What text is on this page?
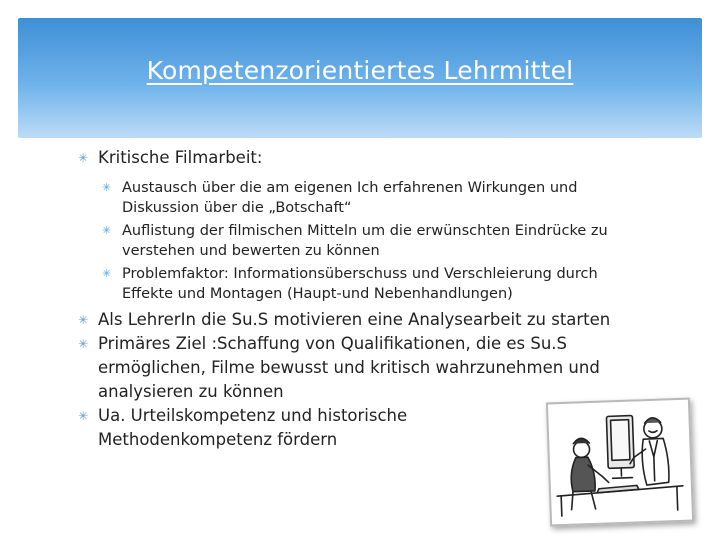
Kompetenzorientiertes Lehrmittel
✳ Kritische Filmarbeit:
✳ Austausch über die am eigenen Ich erfahrenen Wirkungen und Diskussion über die „Botschaft“
✳ Auflistung der filmischen Mitteln um die erwünschten Eindrücke zu verstehen und bewerten zu können
✳ Problemfaktor: Informationsüberschuss und Verschleierung durch Effekte und Montagen (Haupt-und Nebenhandlungen)
✳ Als LehrerIn die Su.S motivieren eine Analysearbeit zu starten
✳ Primäres Ziel :Schaffung von Qualifikationen, die es Su.S ermöglichen, Filme bewusst und kritisch wahrzunehmen und analysieren zu können
✳ Ua. Urteilskompetenz und historische Methodenkompetenz fördern
